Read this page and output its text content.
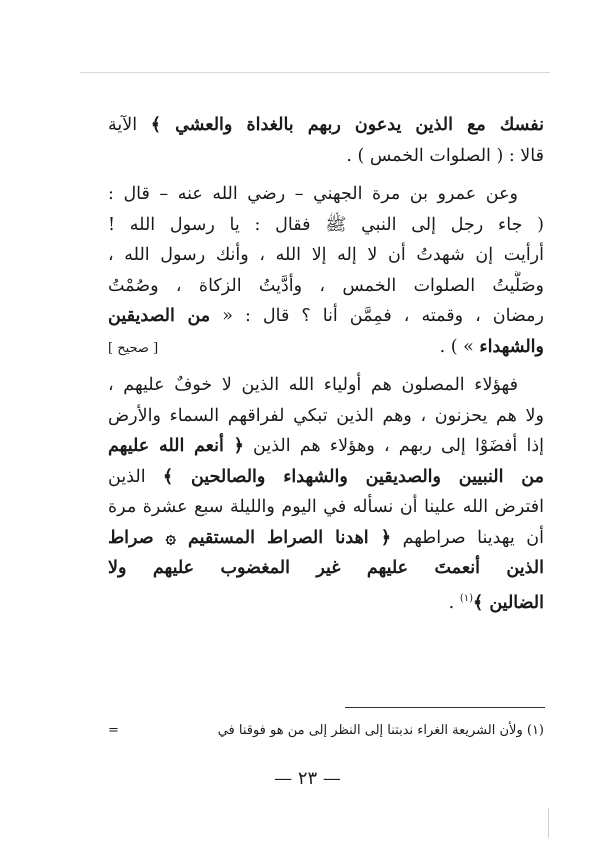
نفسك مع الذين يدعون ربهم بالغداة والعشي ﴾ الآية
قالا : ( الصلوات الخمس ) .
وعن عمرو بن مرة الجهني – رضي الله عنه – قال :
( جاء رجل إلى النبي ﷺ فقال : يا رسول الله !
أرأيت إن شهدتُ أن لا إله إلا الله ، وأنك رسول الله ،
وصَلَّيتُ الصلوات الخمس ، وأدَّيتُ الزكاة ، وصُمْتُ
رمضان ، وقمته ، فمِمَّن أنا ؟ قال : « من الصديقين
والشهداء » ) .
[ صحيح ]
فهؤلاء المصلون هم أولياء الله الذين لا خوفٌ عليهم ،
ولا هم يحزنون ، وهم الذين تبكي لفراقهم السماء والأرض
إذا أفضَوْا إلى ربهم ، وهؤلاء هم الذين ﴿ أنعم الله عليهم
من النبيين والصديقين والشهداء والصالحين ﴾ الذين
افترض الله علينا أن نسأله في اليوم والليلة سبع عشرة مرة
أن يهدينا صراطهم ﴿ اهدنا الصراط المستقيم ۞ صراط
الذين أنعمتَ عليهم غير المغضوب عليهم ولا
الضالين ﴾$^{(١)}$ .
(١) ولأن الشريعة الغراء ندبتنا إلى النظر إلى من هو فوقنا في
=
— ٢٣ —
